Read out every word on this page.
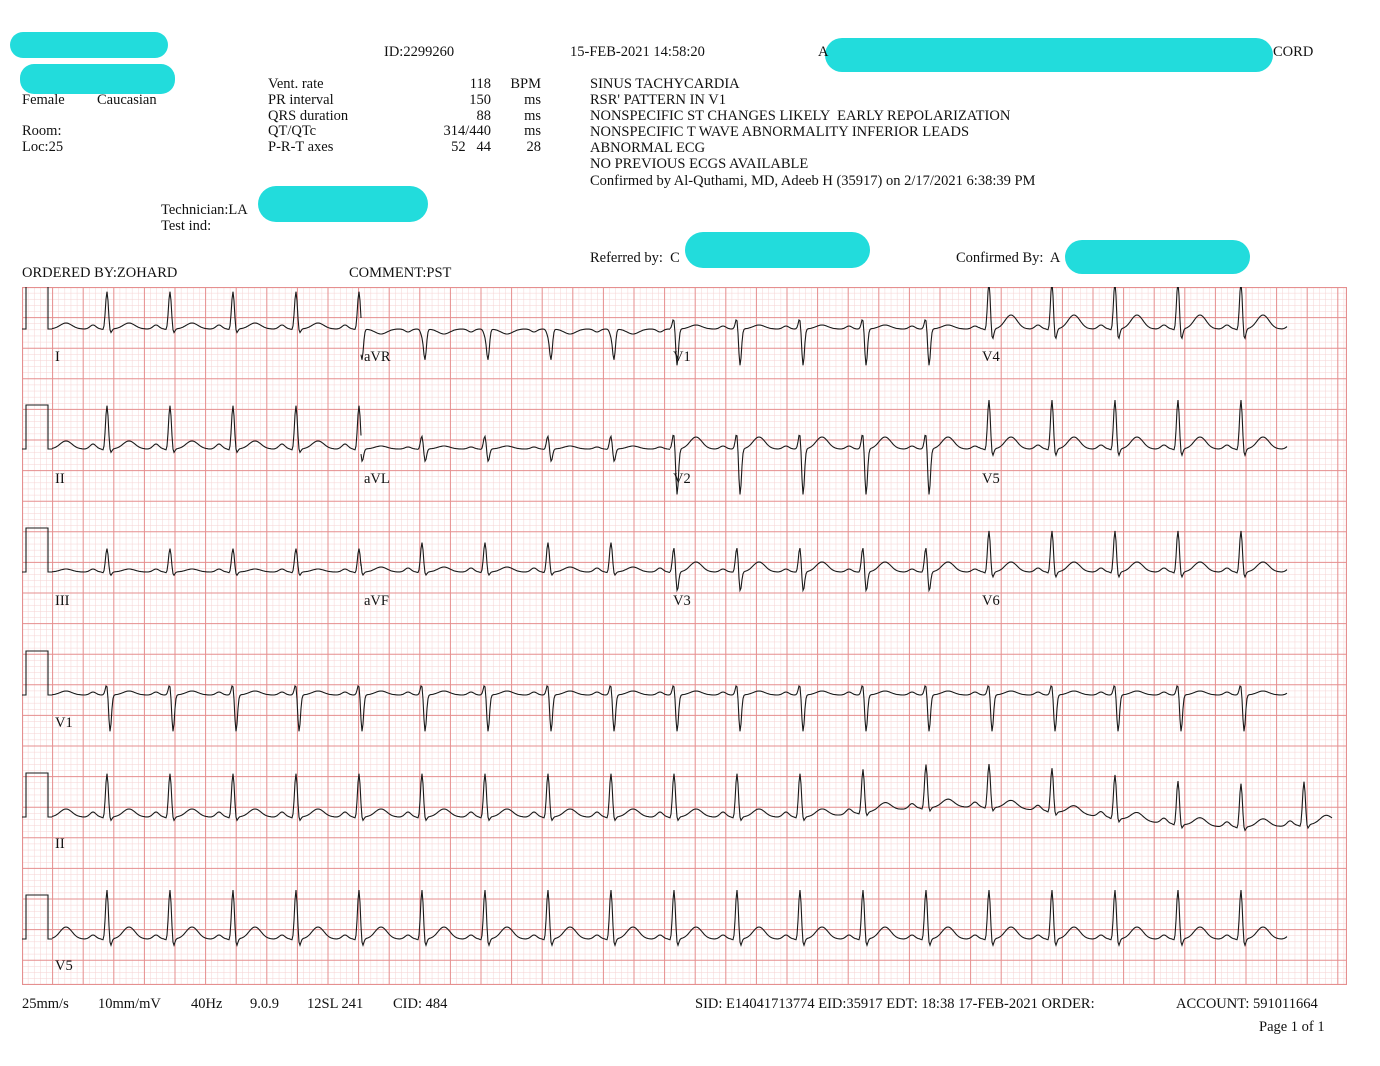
ID:2299260	15-FEB-2021 14:58:20	A	CORD
Female Caucasian
Room:
Loc:25
Vent. rate	118	BPM
PR interval	150	ms
QRS duration	88	ms
QT/QTc	314/440	ms
P-R-T axes	52   44	28
SINUS TACHYCARDIA
RSR' PATTERN IN V1
NONSPECIFIC ST CHANGES LIKELY  EARLY REPOLARIZATION
NONSPECIFIC T WAVE ABNORMALITY INFERIOR LEADS
ABNORMAL ECG
NO PREVIOUS ECGS AVAILABLE
Confirmed by Al-Quthami, MD, Adeeb H (35917) on 2/17/2021 6:38:39 PM
Technician:LA
Test ind:
Referred by:  C	Confirmed By:  A
ORDERED BY:ZOHARD	COMMENT:PST
I	aVR	V1	V4
II	aVL	V2	V5
III	aVF	V3	V6
V1
II
V5
25mm/s 10mm/mV 40Hz 9.0.9 12SL 241 CID: 484	SID: E14041713774 EID:35917 EDT: 18:38 17-FEB-2021 ORDER:	ACCOUNT: 591011664
Page 1 of 1
